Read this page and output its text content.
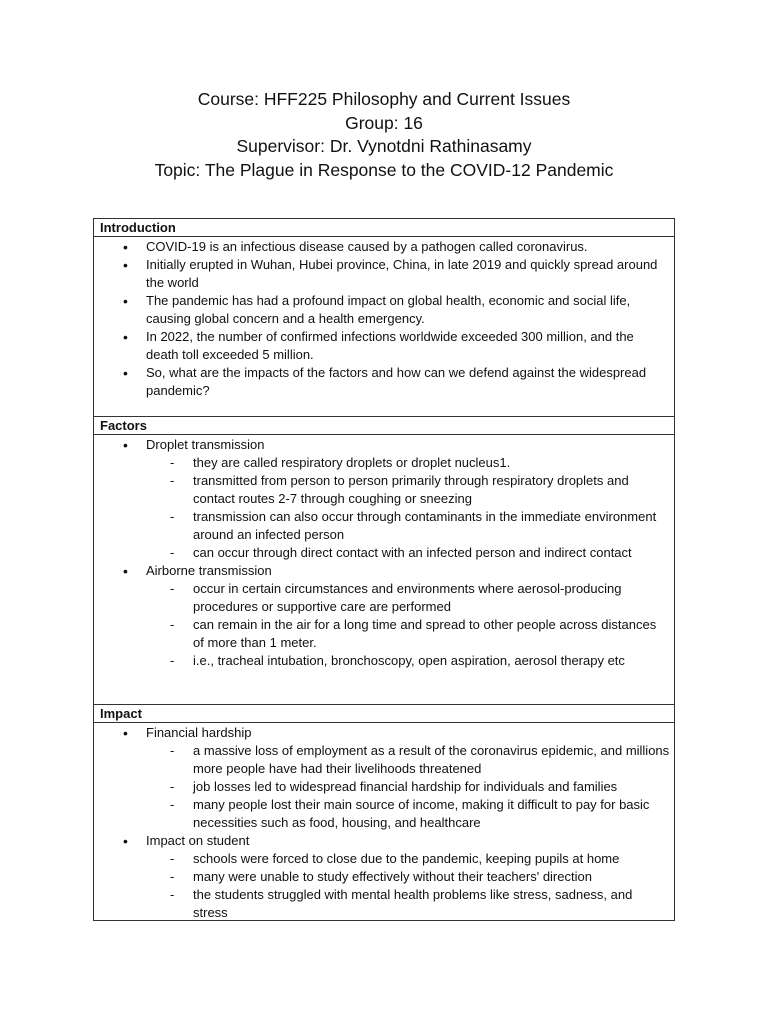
Course: HFF225 Philosophy and Current Issues
Group: 16
Supervisor: Dr. Vynotdni Rathinasamy
Topic: The Plague in Response to the COVID-12 Pandemic
Introduction
• COVID-19 is an infectious disease caused by a pathogen called coronavirus.
• Initially erupted in Wuhan, Hubei province, China, in late 2019 and quickly spread around the world
• The pandemic has had a profound impact on global health, economic and social life, causing global concern and a health emergency.
• In 2022, the number of confirmed infections worldwide exceeded 300 million, and the death toll exceeded 5 million.
• So, what are the impacts of the factors and how can we defend against the widespread pandemic?
Factors
• Droplet transmission
- they are called respiratory droplets or droplet nucleus1.
- transmitted from person to person primarily through respiratory droplets and contact routes 2-7 through coughing or sneezing
- transmission can also occur through contaminants in the immediate environment around an infected person
- can occur through direct contact with an infected person and indirect contact
• Airborne transmission
- occur in certain circumstances and environments where aerosol-producing procedures or supportive care are performed
- can remain in the air for a long time and spread to other people across distances of more than 1 meter.
- i.e., tracheal intubation, bronchoscopy, open aspiration, aerosol therapy etc
Impact
• Financial hardship
- a massive loss of employment as a result of the coronavirus epidemic, and millions more people have had their livelihoods threatened
- job losses led to widespread financial hardship for individuals and families
- many people lost their main source of income, making it difficult to pay for basic necessities such as food, housing, and healthcare
• Impact on student
- schools were forced to close due to the pandemic, keeping pupils at home
- many were unable to study effectively without their teachers' direction
- the students struggled with mental health problems like stress, sadness, and stress
